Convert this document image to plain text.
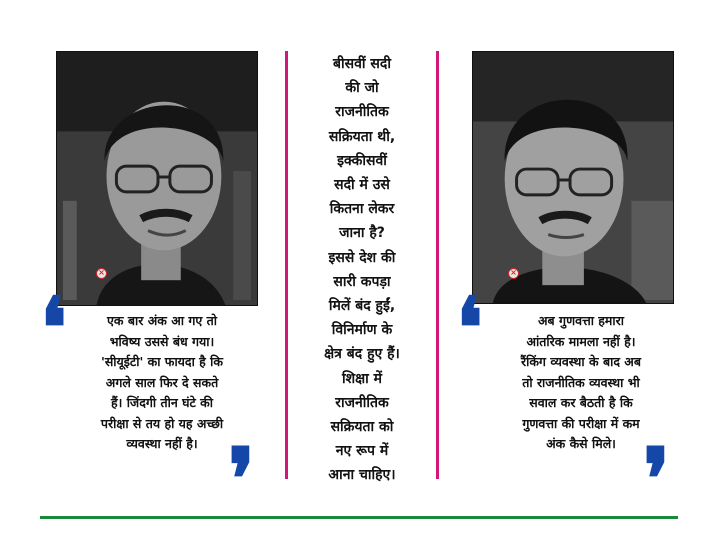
×	×
❛
❜
❛
❜
एक बार अंक आ गए तो
भविष्य उससे बंध गया।
'सीयूईटी' का फायदा है कि
अगले साल फिर दे सकते
हैं। जिंदगी तीन घंटे की
परीक्षा से तय हो यह अच्छी
व्यवस्था नहीं है।
बीसवीं सदी
की जो
राजनीतिक
सक्रियता थी,
इक्कीसवीं
सदी में उसे
कितना लेकर
जाना है?
इससे देश की
सारी कपड़ा
मिलें बंद हुईं,
विनिर्माण के
क्षेत्र बंद हुए हैं।
शिक्षा में
राजनीतिक
सक्रियता को
नए रूप में
आना चाहिए।
अब गुणवत्ता हमारा
आंतरिक मामला नहीं है।
रैंकिंग व्यवस्था के बाद अब
तो राजनीतिक व्यवस्था भी
सवाल कर बैठती है कि
गुणवत्ता की परीक्षा में कम
अंक कैसे मिले।
